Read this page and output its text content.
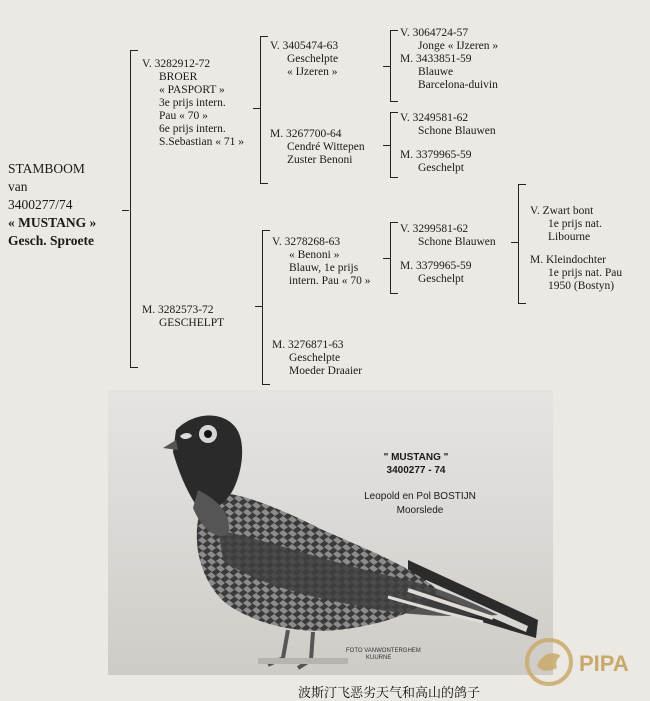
STAMBOOM
van
3400277/74
« MUSTANG »
Gesch. Sproete
V. 3282912-72
BROER
« PASPORT »
3e prijs intern.
Pau « 70 »
6e prijs intern.
S.Sebastian « 71 »
M. 3282573-72
GESCHELPT
V. 3405474-63
Geschelpte
« IJzeren »
M. 3267700-64
Cendré Wittepen
Zuster Benoni
V. 3278268-63
« Benoni »
Blauw, 1e prijs
intern. Pau « 70 »
M. 3276871-63
Geschelpte
Moeder Draaier
V. 3064724-57
Jonge « IJzeren »
M. 3433851-59
Blauwe
Barcelona-duivin
V. 3249581-62
Schone Blauwen
M. 3379965-59
Geschelpt
V. 3299581-62
Schone Blauwen
M. 3379965-59
Geschelpt
V. Zwart bont
1e prijs nat.
Libourne
M. Kleindochter
1e prijs nat. Pau
1950 (Bostyn)
" MUSTANG "
3400277 - 74
Leopold en Pol BOSTIJN
Moorslede
FOTO VANWONTERGHEM
KUURNE
波斯汀飞恶劣天气和高山的鸽子
PIPA
